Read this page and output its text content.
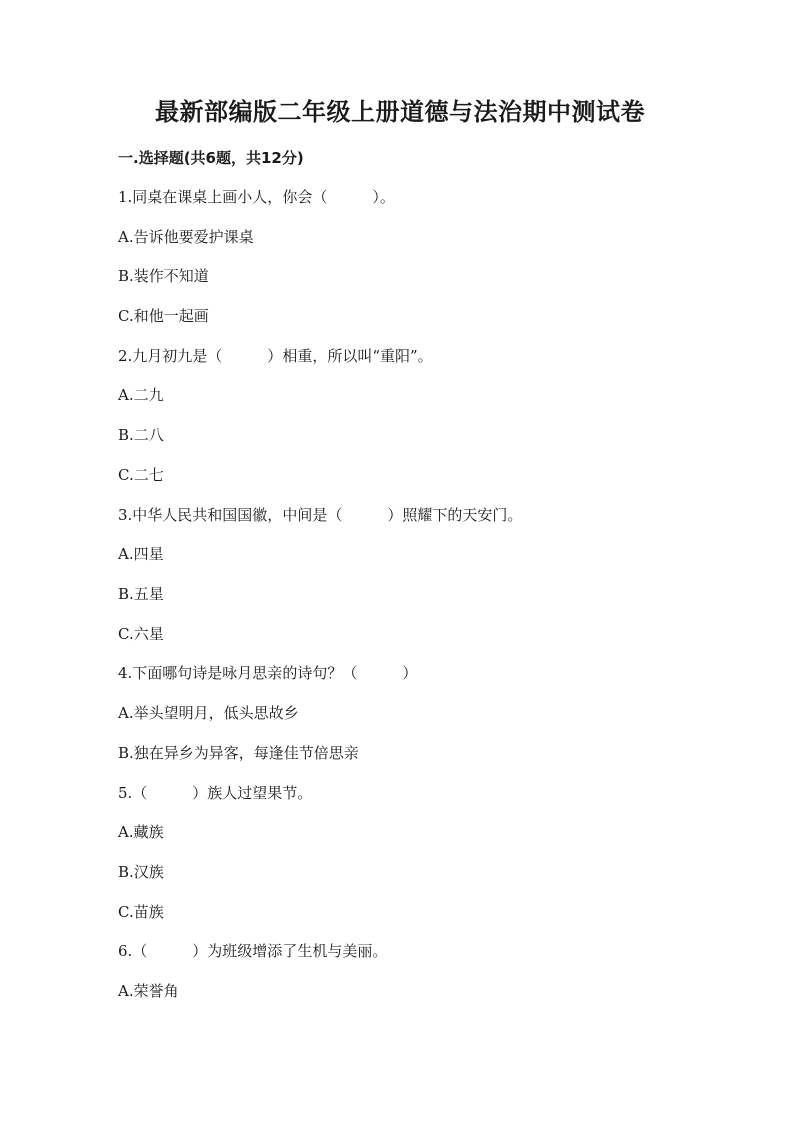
最新部编版二年级上册道德与法治期中测试卷
一.选择题(共6题，共12分)
1.同桌在课桌上画小人，你会（　　　）。
A.告诉他要爱护课桌
B.装作不知道
C.和他一起画
2.九月初九是（　　　）相重，所以叫“重阳”。
A.二九
B.二八
C.二七
3.中华人民共和国国徽，中间是（　　　）照耀下的天安门。
A.四星
B.五星
C.六星
4.下面哪句诗是咏月思亲的诗句？（　　　）
A.举头望明月，低头思故乡
B.独在异乡为异客，每逢佳节倍思亲
5.（　　　）族人过望果节。
A.藏族
B.汉族
C.苗族
6.（　　　）为班级增添了生机与美丽。
A.荣誉角
